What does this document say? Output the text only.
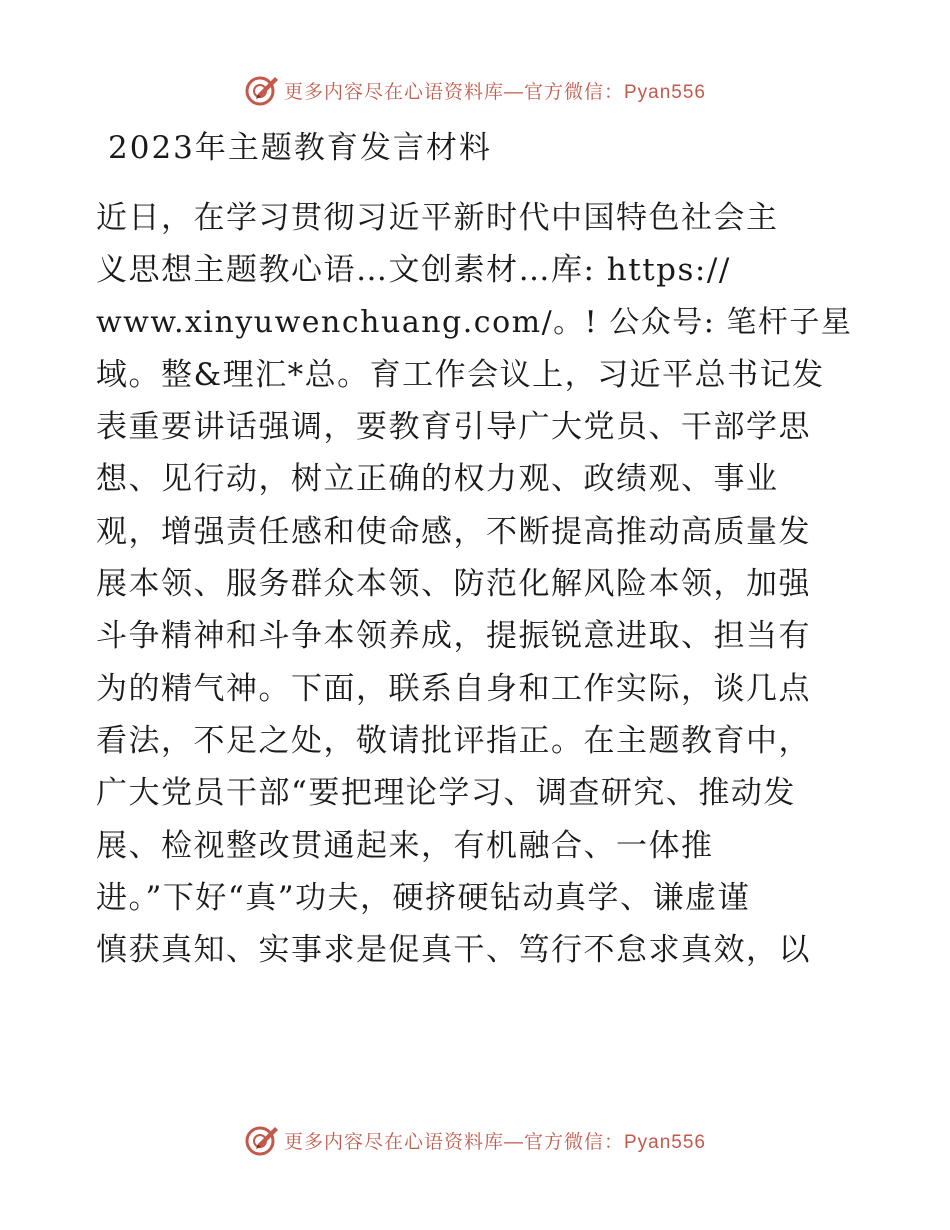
更多内容尽在心语资料库—官方微信：Pyan556
2023年主题教育发言材料
近日，在学习贯彻习近平新时代中国特色社会主
义思想主题教心语…文创素材…库: https://
www.xinyuwenchuang.com/。! 公众号: 笔杆子星
域。整&理汇*总。育工作会议上，习近平总书记发
表重要讲话强调，要教育引导广大党员、干部学思
想、见行动，树立正确的权力观、政绩观、事业
观，增强责任感和使命感，不断提高推动高质量发
展本领、服务群众本领、防范化解风险本领，加强
斗争精神和斗争本领养成，提振锐意进取、担当有
为的精气神。下面，联系自身和工作实际，谈几点
看法，不足之处，敬请批评指正。在主题教育中，
广大党员干部“要把理论学习、调查研究、推动发
展、检视整改贯通起来，有机融合、一体推
进。”下好“真”功夫，硬挤硬钻动真学、谦虚谨
慎获真知、实事求是促真干、笃行不怠求真效，以
更多内容尽在心语资料库—官方微信：Pyan556
